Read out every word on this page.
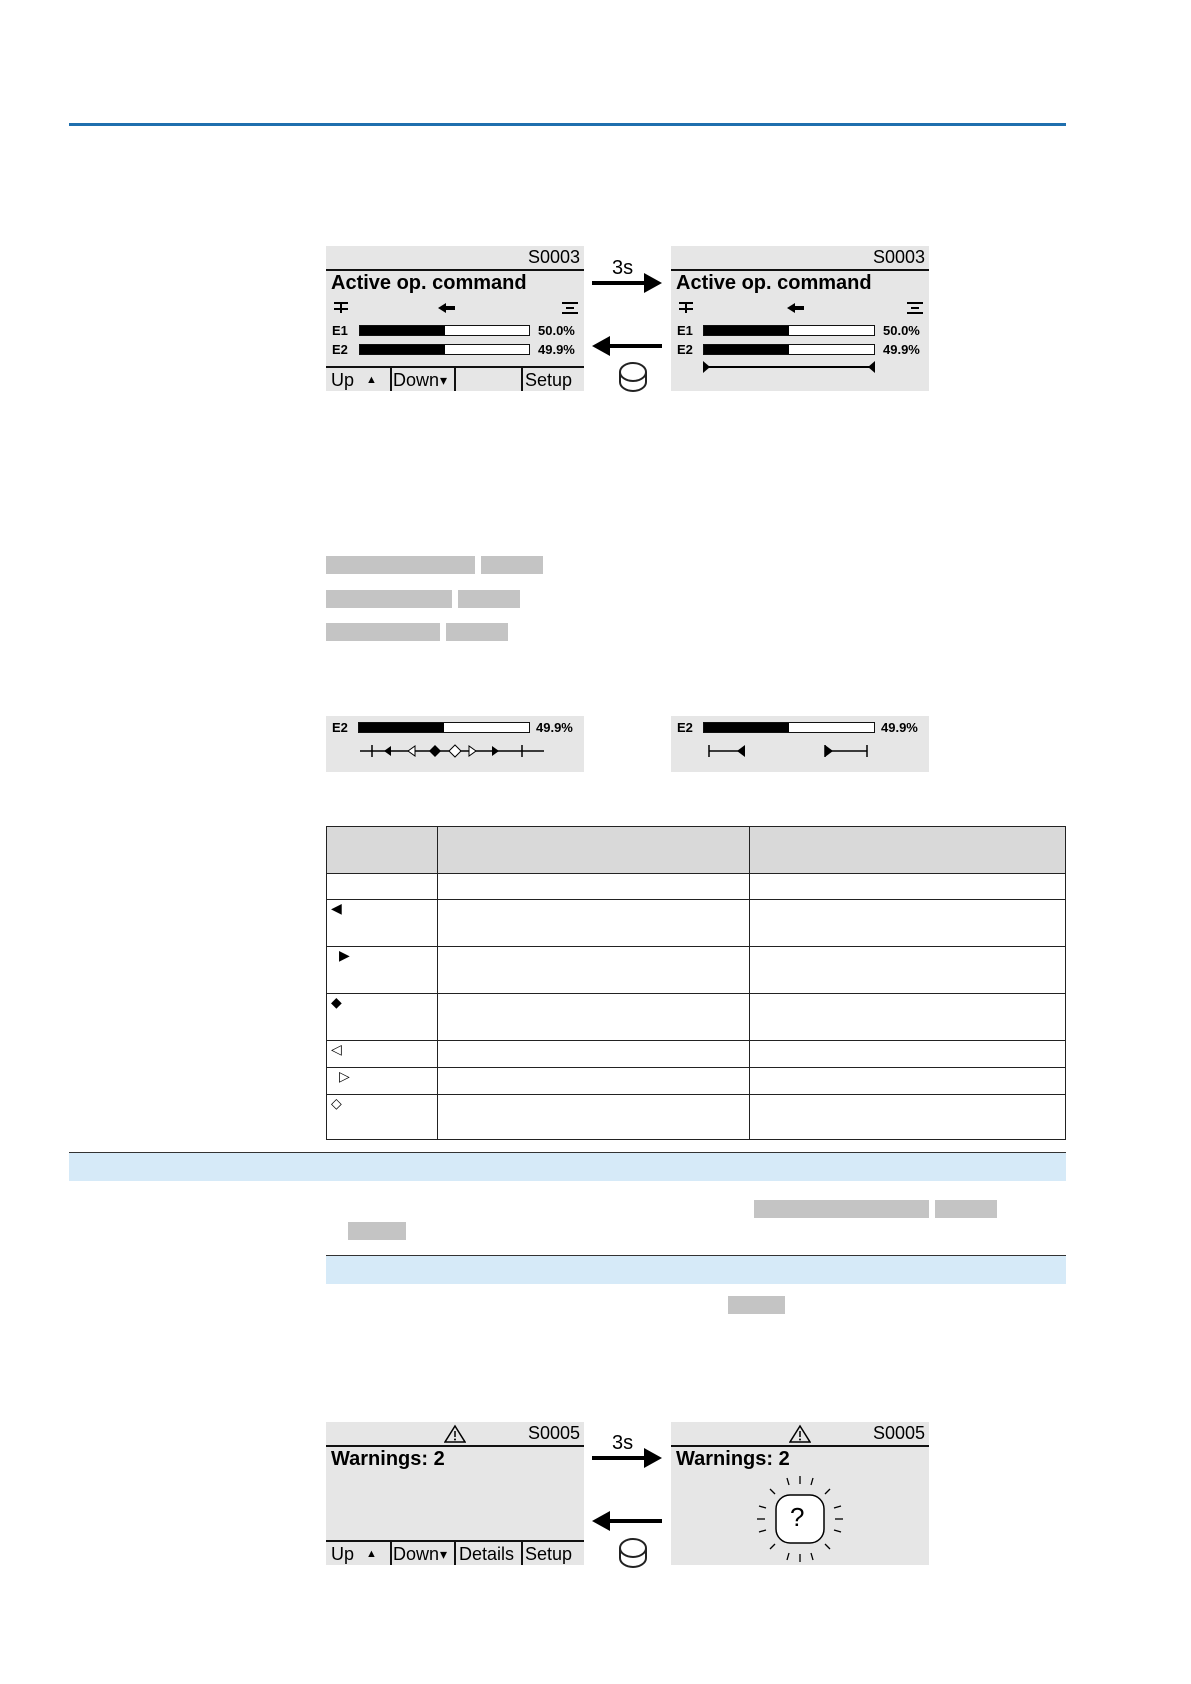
S0003
Active op. command
E1	50.0%
E2	49.9%
Up ▲ Down ▾	Setup
3s	S0003
Active op. command
E1	50.0%
E2	49.9%
E2	49.9%	E2	49.9%

◀		
▶		
◆		
◁		
▷		
◇		
S0005
Warnings: 2
Up ▲ Down ▾ Details Setup
3s	S0005
Warnings: 2
?
